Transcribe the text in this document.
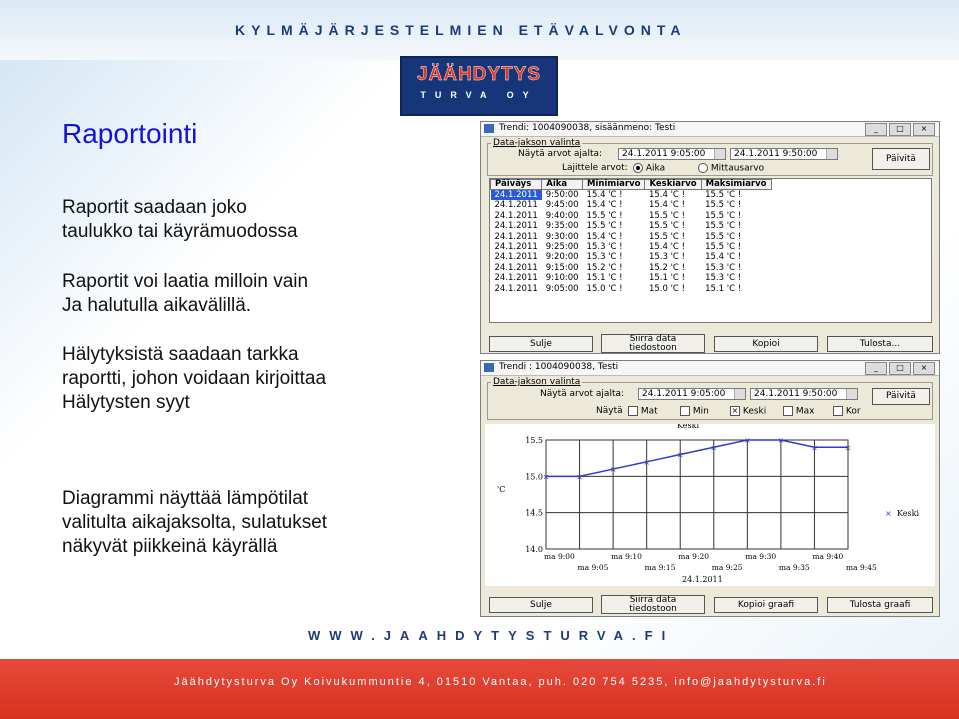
KYLMÄJÄRJESTELMIEN ETÄVALVONTA
JÄÄHDYTYS
TURVA OY
Raportointi
Raportit saadaan joko
taulukko tai käyrämuodossa
Raportit voi laatia milloin vain
Ja halutulla aikavälillä.
Hälytyksistä saadaan tarkka
raportti, johon voidaan kirjoittaa
Hälytysten syyt
Diagrammi näyttää lämpötilat
valitulta aikajaksolta, sulatukset
näkyvät piikkeinä käyrällä
Trendi: 1004090038, sisäänmeno: Testi	_ □ ×
Data-jakson valinta
Näytä arvot ajalta:	24.1.2011 9:05:00	24.1.2011 9:50:00
Lajittele arvot:	Aika	Mittausarvo
Päivitä
Päiväys	Aika	Minimiarvo	Keskiarvo	Maksimiarvo
24.1.2011	9:50:00	15.4 'C !	15.4 'C !	15.5 'C !
24.1.2011	9:45:00	15.4 'C !	15.4 'C !	15.5 'C !
24.1.2011	9:40:00	15.5 'C !	15.5 'C !	15.5 'C !
24.1.2011	9:35:00	15.5 'C !	15.5 'C !	15.5 'C !
24.1.2011	9:30:00	15.4 'C !	15.5 'C !	15.5 'C !
24.1.2011	9:25:00	15.3 'C !	15.4 'C !	15.5 'C !
24.1.2011	9:20:00	15.3 'C !	15.3 'C !	15.4 'C !
24.1.2011	9:15:00	15.2 'C !	15.2 'C !	15.3 'C !
24.1.2011	9:10:00	15.1 'C !	15.1 'C !	15.3 'C !
24.1.2011	9:05:00	15.0 'C !	15.0 'C !	15.1 'C !
Sulje	Siirrä data
tiedostoon	Kopioi	Tulosta...
Trendi : 1004090038, Testi	_ □ ×
Data-jakson valinta
Näytä arvot ajalta:	24.1.2011 9:05:00	24.1.2011 9:50:00
Näytä	Mat	Min	× Keski	Max	Kor
Päivitä
15.5
15.0
14.5
14.0
'C
Keski
×	×
×
×
×
×
×	×
×	×
ma 9:00	ma 9:10	ma 9:20	ma 9:30	ma 9:40
ma 9:05	ma 9:15	ma 9:25	ma 9:35	ma 9:45
24.1.2011
× Keski
Sulje	Siirrä data
tiedostoon	Kopioi graafi	Tulosta graafi
WWW.JAAHDYTYSTURVA.FI
Jäähdytysturva Oy Koivukummuntie 4, 01510 Vantaa, puh. 020 754 5235, info@jaahdytysturva.fi
